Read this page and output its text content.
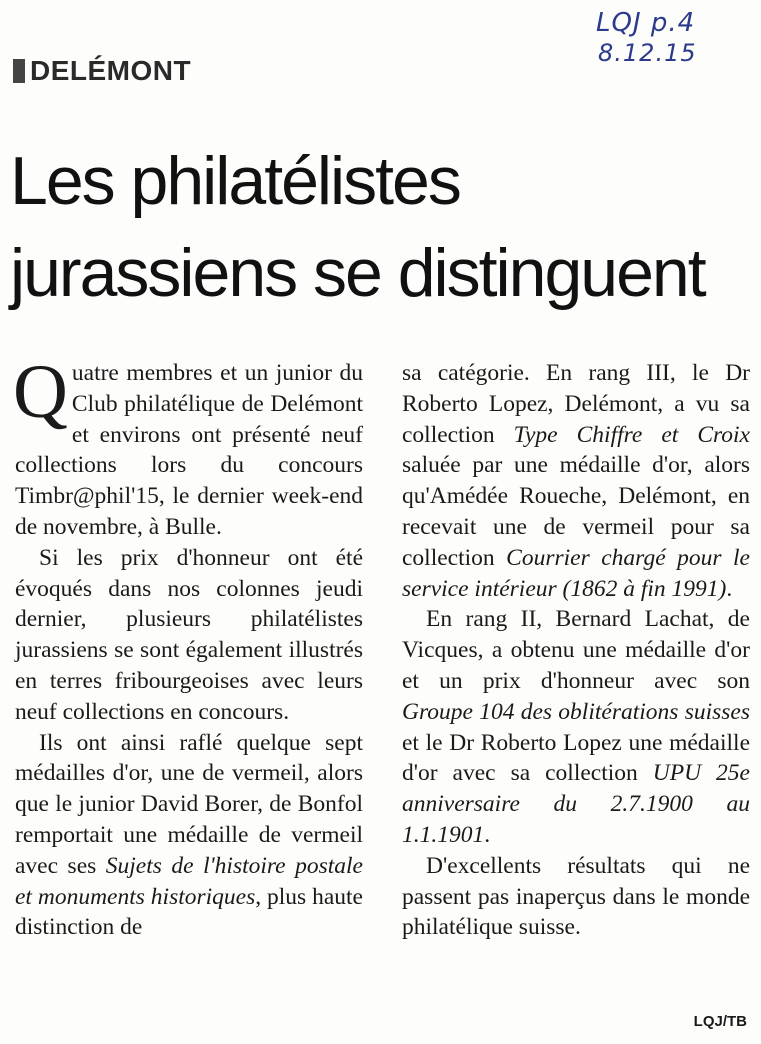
LQJ p.4
8.12.15
DELÉMONT
Les philatélistes jurassiens se distinguent

Quatre membres et un junior du Club philatélique de Delémont et environs ont présenté neuf collections lors du concours Timbr@phil'15, le dernier week-end de novembre, à Bulle.

Si les prix d'honneur ont été évoqués dans nos colonnes jeudi dernier, plusieurs philatélistes jurassiens se sont également illustrés en terres fribourgeoises avec leurs neuf collections en concours.

Ils ont ainsi raflé quelque sept médailles d'or, une de vermeil, alors que le junior David Borer, de Bonfol remportait une médaille de vermeil avec ses Sujets de l'histoire postale et monuments historiques, plus haute distinction de

sa catégorie. En rang III, le Dr Roberto Lopez, Delémont, a vu sa collection Type Chiffre et Croix saluée par une médaille d'or, alors qu'Amédée Roueche, Delémont, en recevait une de vermeil pour sa collection Courrier chargé pour le service intérieur (1862 à fin 1991).

En rang II, Bernard Lachat, de Vicques, a obtenu une médaille d'or et un prix d'honneur avec son Groupe 104 des oblitérations suisses et le Dr Roberto Lopez une médaille d'or avec sa collection UPU 25e anniversaire du 2.7.1900 au 1.1.1901.

D'excellents résultats qui ne passent pas inaperçus dans le monde philatélique suisse.

LQJ/TB
